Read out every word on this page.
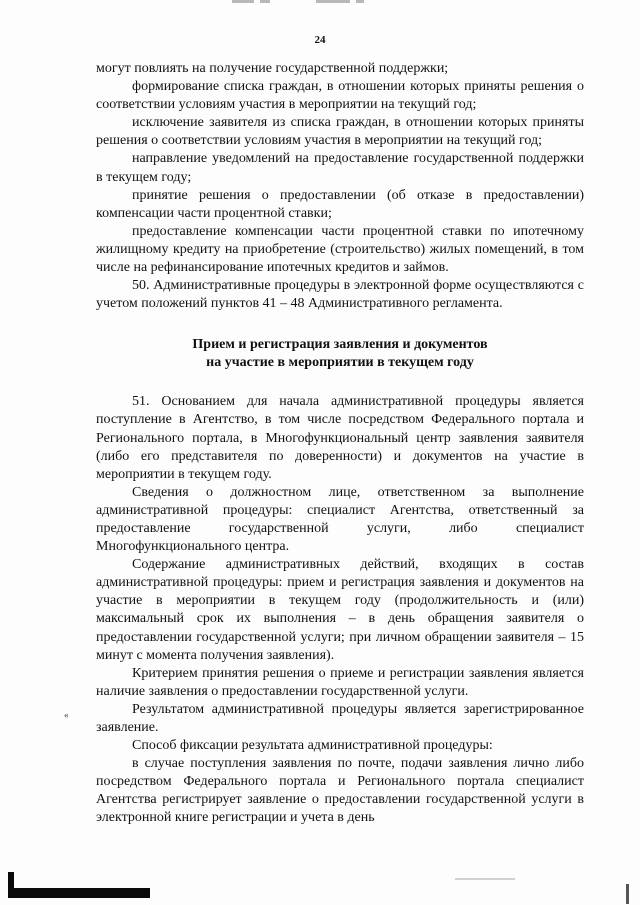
24

могут повлиять на получение государственной поддержки;

формирование списка граждан, в отношении которых приняты решения о соответствии условиям участия в мероприятии на текущий год;

исключение заявителя из списка граждан, в отношении которых приняты решения о соответствии условиям участия в мероприятии на текущий год;

направление уведомлений на предоставление государственной поддержки в текущем году;

принятие решения о предоставлении (об отказе в предоставлении) компенсации части процентной ставки;

предоставление компенсации части процентной ставки по ипотечному жилищному кредиту на приобретение (строительство) жилых помещений, в том числе на рефинансирование ипотечных кредитов и займов.

50. Административные процедуры в электронной форме осуществляются с учетом положений пунктов 41 – 48 Административного регламента.

Прием и регистрация заявления и документов
на участие в мероприятии в текущем году

51. Основанием для начала административной процедуры является поступление в Агентство, в том числе посредством Федерального портала и Регионального портала, в Многофункциональный центр заявления заявителя (либо его представителя по доверенности) и документов на участие в мероприятии в текущем году.

Сведения о должностном лице, ответственном за выполнение административной процедуры: специалист Агентства, ответственный за предоставление государственной услуги, либо специалист Многофункционального центра.

Содержание административных действий, входящих в состав административной процедуры: прием и регистрация заявления и документов на участие в мероприятии в текущем году (продолжительность и (или) максимальный срок их выполнения – в день обращения заявителя о предоставлении государственной услуги; при личном обращении заявителя – 15 минут с момента получения заявления).

Критерием принятия решения о приеме и регистрации заявления является наличие заявления о предоставлении государственной услуги.

Результатом административной процедуры является зарегистрированное заявление.

Способ фиксации результата административной процедуры:

в случае поступления заявления по почте, подачи заявления лично либо посредством Федерального портала и Регионального портала специалист Агентства регистрирует заявление о предоставлении государственной услуги в электронной книге регистрации и учета в день

«
